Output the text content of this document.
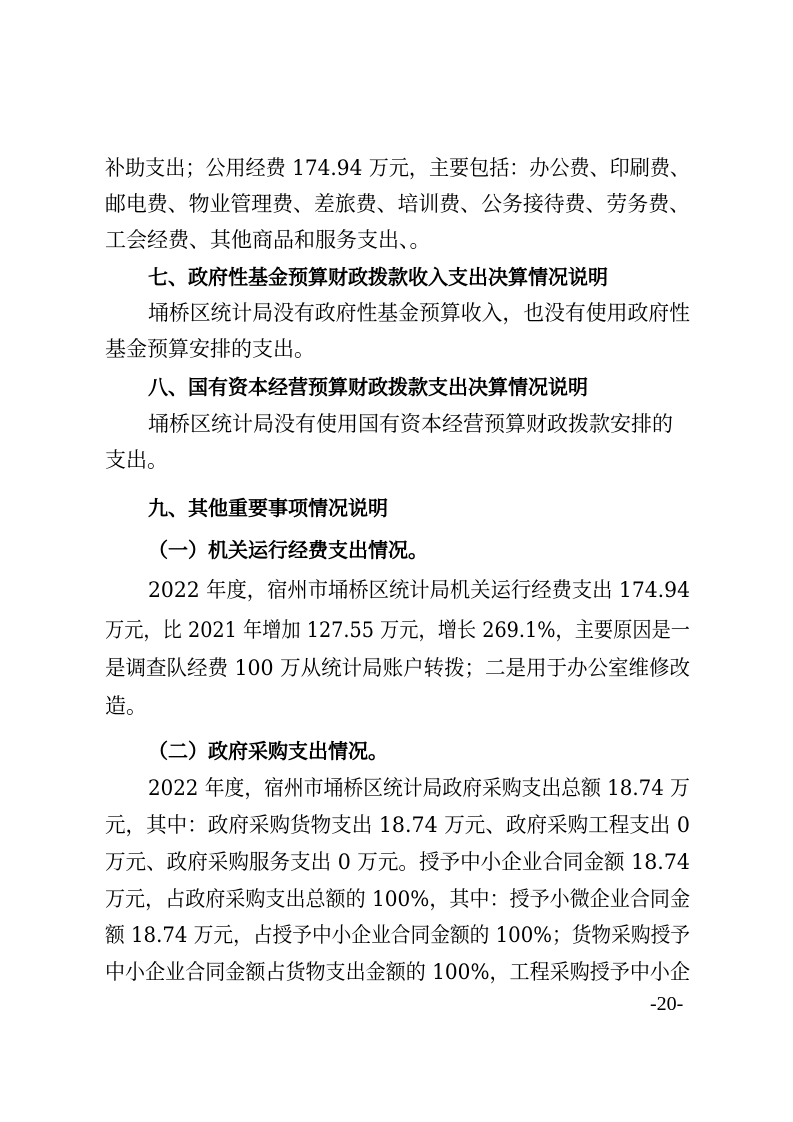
补助支出；公用经费 174.94 万元，主要包括：办公费、印刷费、
邮电费、物业管理费、差旅费、培训费、公务接待费、劳务费、
工会经费、其他商品和服务支出、。
七、政府性基金预算财政拨款收入支出决算情况说明
埇桥区统计局没有政府性基金预算收入，也没有使用政府性
基金预算安排的支出。
八、国有资本经营预算财政拨款支出决算情况说明
埇桥区统计局没有使用国有资本经营预算财政拨款安排的
支出。
九、其他重要事项情况说明
（一）机关运行经费支出情况。
2022 年度，宿州市埇桥区统计局机关运行经费支出 174.94
万元，比 2021 年增加 127.55 万元，增长 269.1%，主要原因是一
是调查队经费 100 万从统计局账户转拨；二是用于办公室维修改
造。
（二）政府采购支出情况。
2022 年度，宿州市埇桥区统计局政府采购支出总额 18.74 万
元，其中：政府采购货物支出 18.74 万元、政府采购工程支出 0
万元、政府采购服务支出 0 万元。授予中小企业合同金额 18.74
万元，占政府采购支出总额的 100%，其中：授予小微企业合同金
额 18.74 万元，占授予中小企业合同金额的 100%；货物采购授予
中小企业合同金额占货物支出金额的 100%，工程采购授予中小企
-20-
